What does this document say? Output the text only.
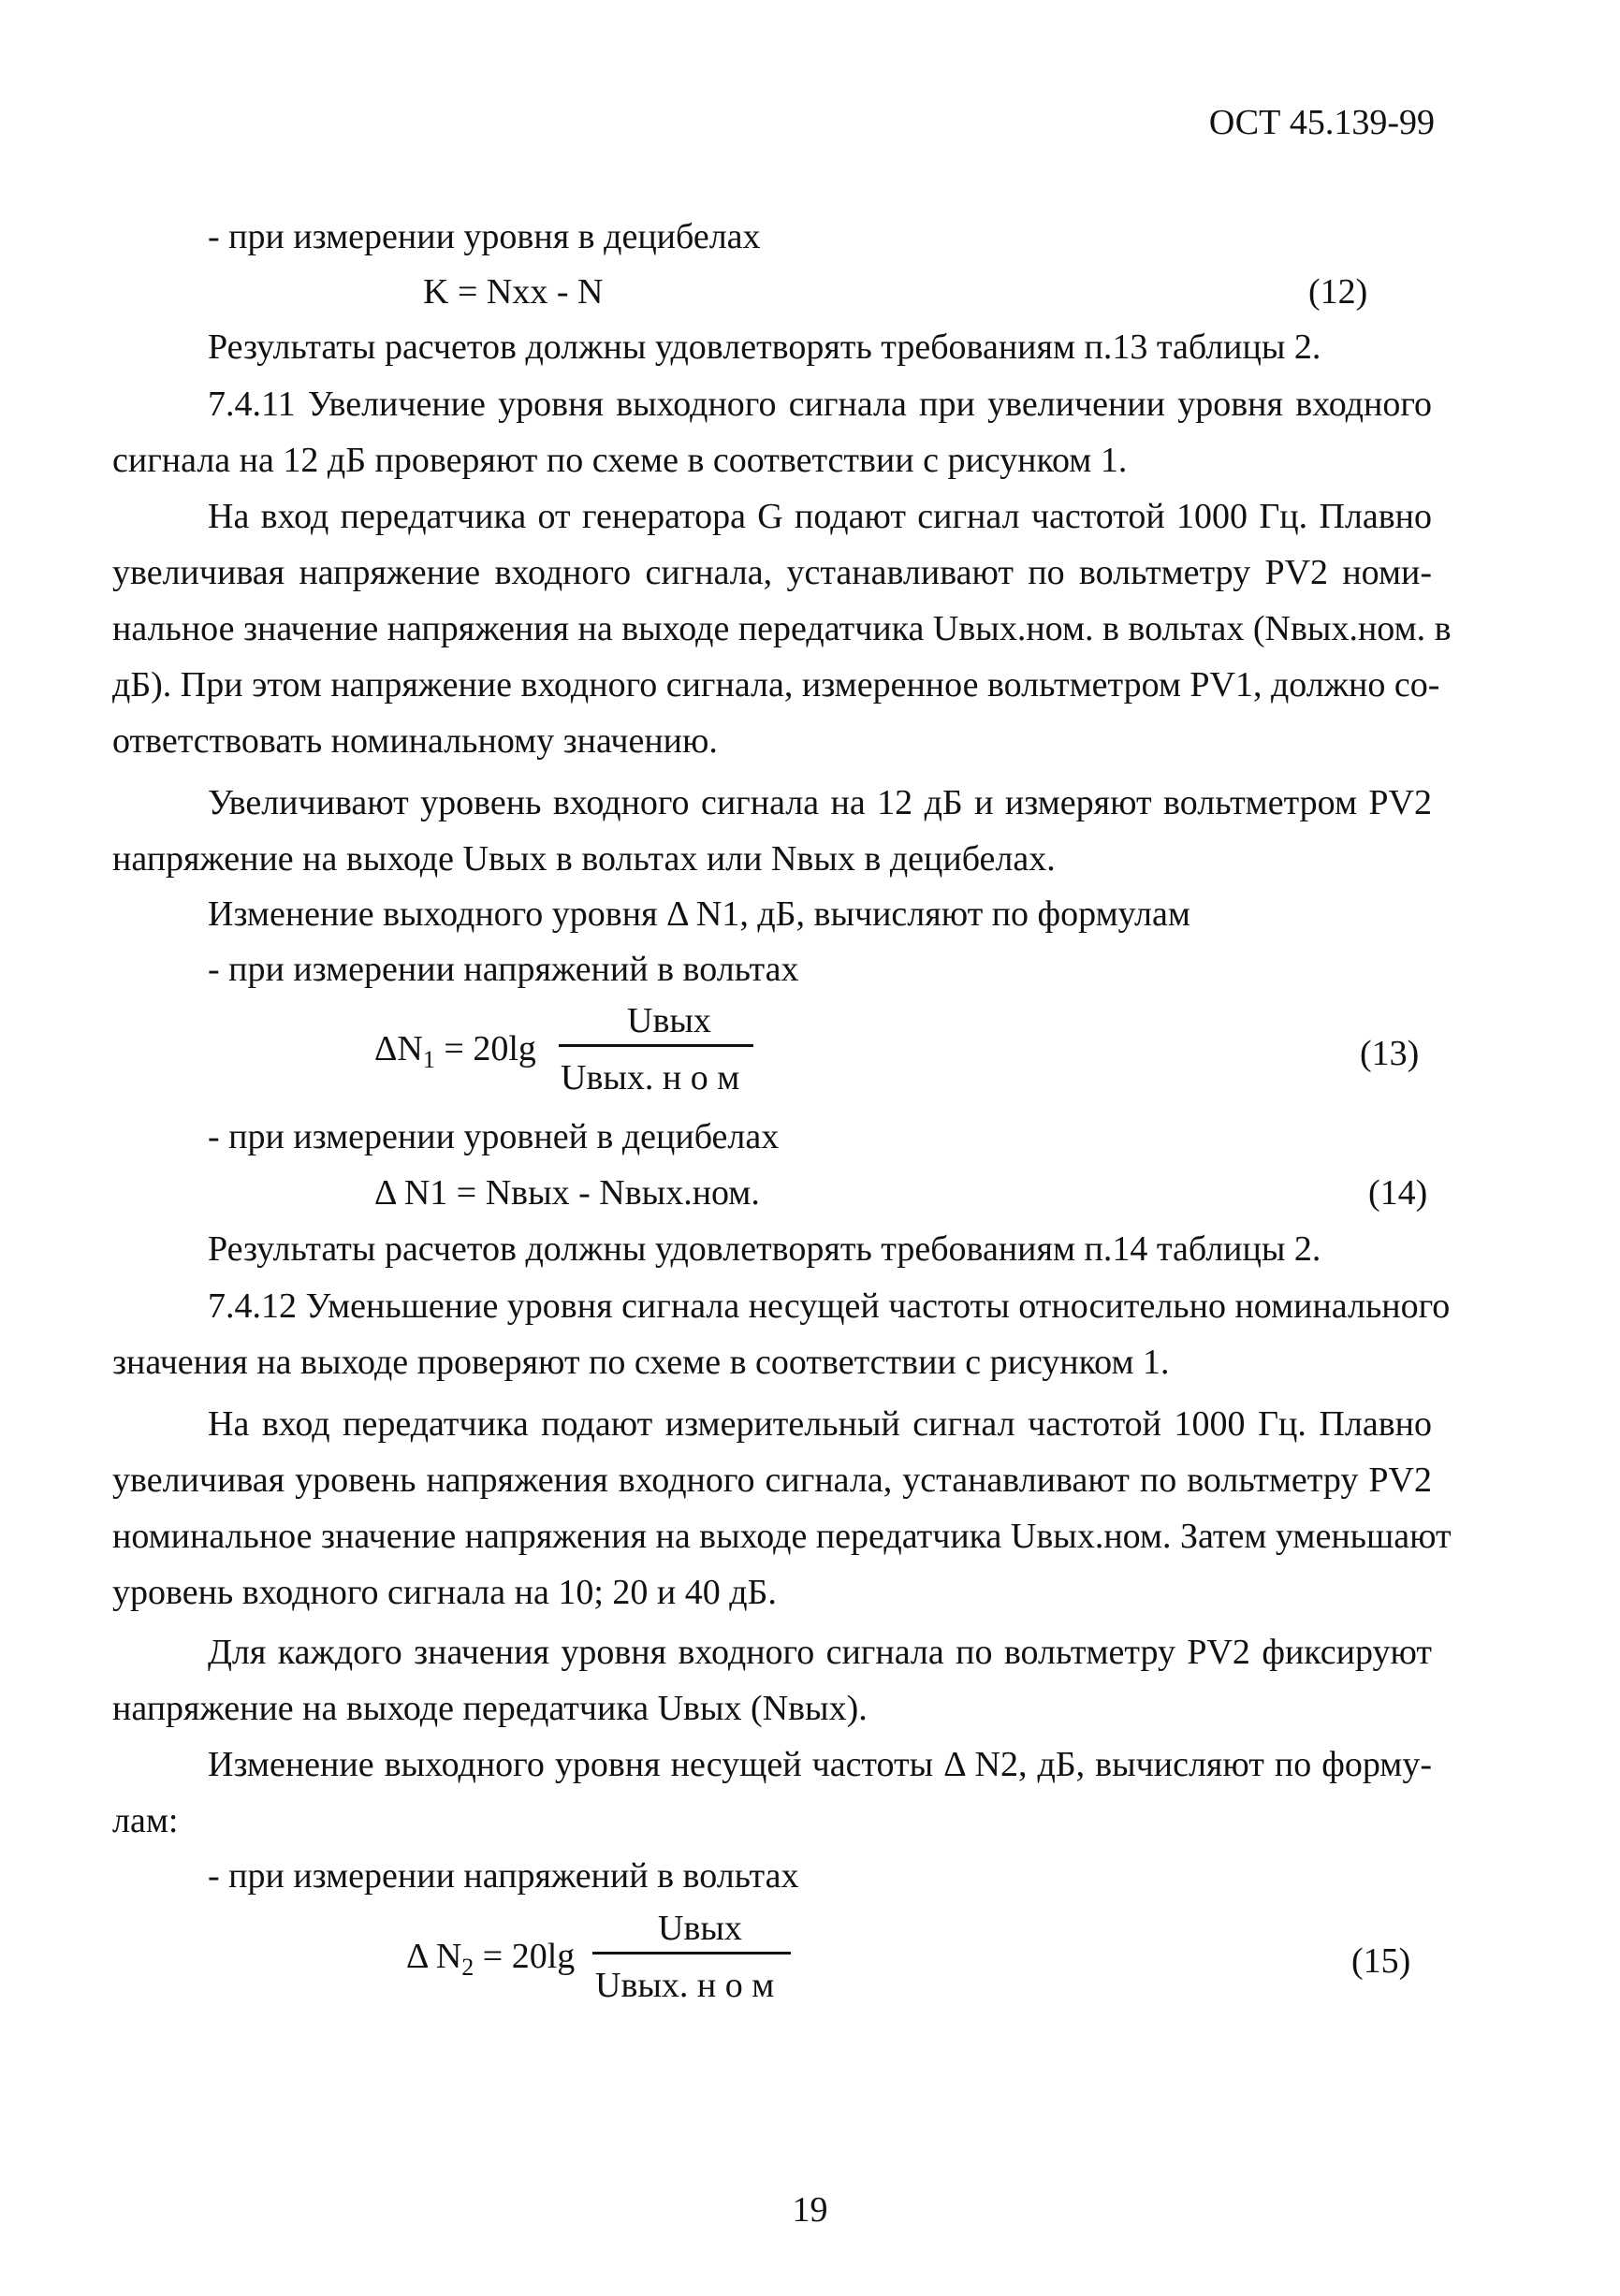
ОСТ 45.139-99
- при измерении уровня в децибелах
K = Nxx - N	(12)
Результаты расчетов должны удовлетворять требованиям п.13 таблицы 2.
7.4.11 Увеличение уровня выходного сигнала при увеличении уровня входного
сигнала на 12 дБ проверяют по схеме в соответствии с рисунком 1.
На вход передатчика от генератора G подают сигнал частотой 1000 Гц. Плавно
увеличивая напряжение входного сигнала, устанавливают по вольтметру PV2 номи-
нальное значение напряжения на выходе передатчика Uвых.ном. в вольтах (Nвых.ном. в
дБ). При этом напряжение входного сигнала, измеренное вольтметром PV1, должно со-
ответствовать номинальному значению.
Увеличивают уровень входного сигнала на 12 дБ и измеряют вольтметром PV2
напряжение на выходе Uвых в вольтах или Nвых в децибелах.
Изменение выходного уровня Δ N1, дБ, вычисляют по формулам
- при измерении напряжений в вольтах
$\Delta N_1 = 20\lg$
Uвых
Uвых. н о м
(13)
- при измерении уровней в децибелах
Δ N1 = Nвых - Nвых.ном.	(14)
Результаты расчетов должны удовлетворять требованиям п.14 таблицы 2.
7.4.12 Уменьшение уровня сигнала несущей частоты относительно номинального
значения на выходе проверяют по схеме в соответствии с рисунком 1.
На вход передатчика подают измерительный сигнал частотой 1000 Гц. Плавно
увеличивая уровень напряжения входного сигнала, устанавливают по вольтметру PV2
номинальное значение напряжения на выходе передатчика Uвых.ном. Затем уменьшают
уровень входного сигнала на 10; 20 и 40 дБ.
Для каждого значения уровня входного сигнала по вольтметру PV2 фиксируют
напряжение на выходе передатчика Uвых (Nвых).
Изменение выходного уровня несущей частоты Δ N2, дБ, вычисляют по форму-
лам:
- при измерении напряжений в вольтах
Δ $N_2 = 20\lg$
Uвых
Uвых. н о м
(15)
19
